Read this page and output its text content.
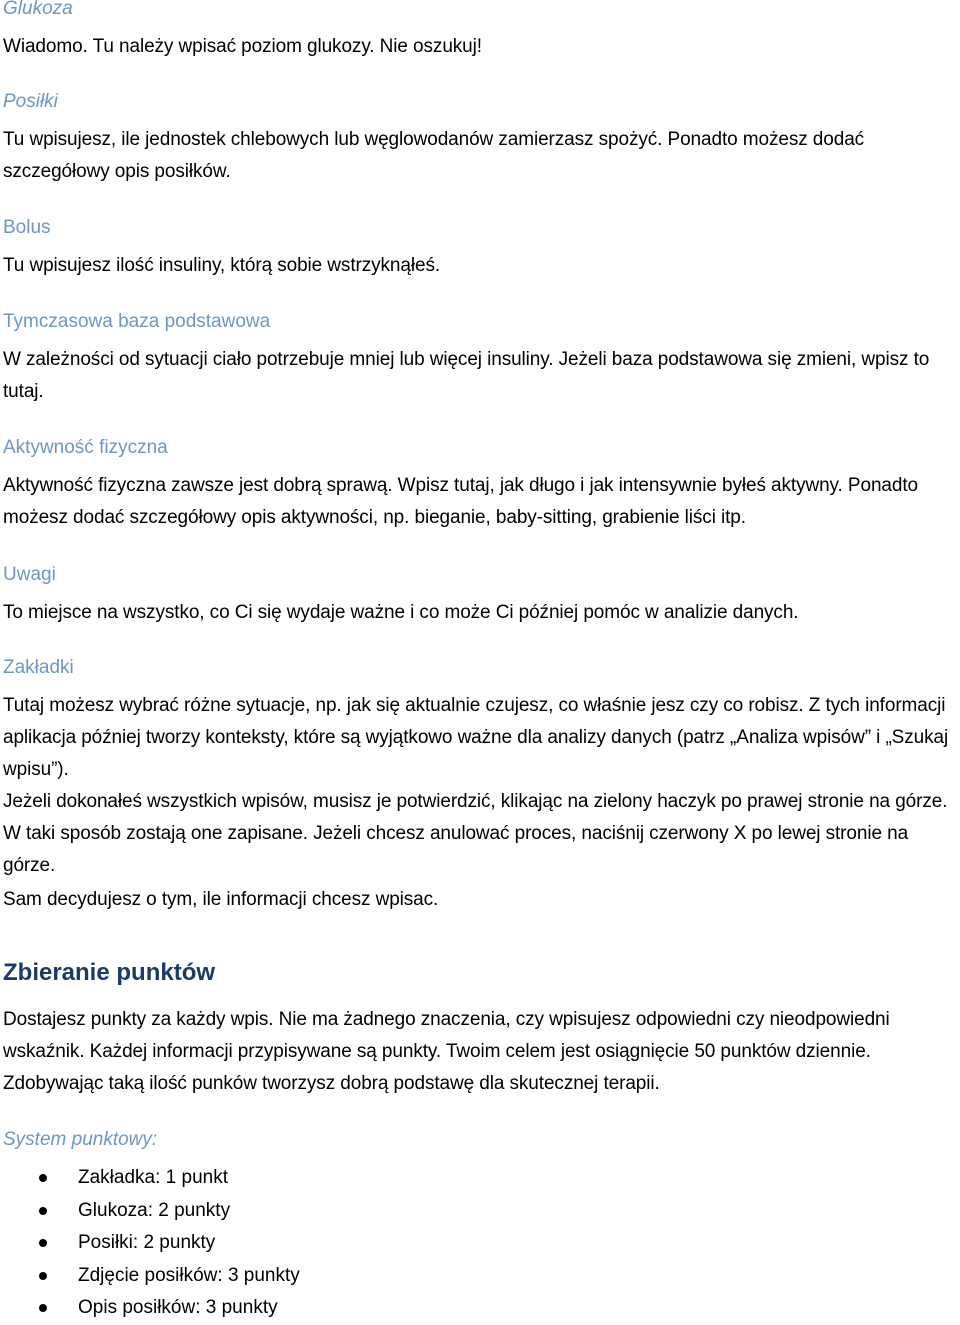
Glukoza

Wiadomo. Tu należy wpisać poziom glukozy. Nie oszukuj!

Posiłki

Tu wpisujesz, ile jednostek chlebowych lub węglowodanów zamierzasz spożyć. Ponadto możesz dodać szczegółowy opis posiłków.

Bolus

Tu wpisujesz ilość insuliny, którą sobie wstrzyknąłeś.

Tymczasowa baza podstawowa

W zależności od sytuacji ciało potrzebuje mniej lub więcej insuliny. Jeżeli baza podstawowa się zmieni, wpisz to tutaj.

Aktywność fizyczna

Aktywność fizyczna zawsze jest dobrą sprawą. Wpisz tutaj, jak długo i jak intensywnie byłeś aktywny. Ponadto możesz dodać szczegółowy opis aktywności, np. bieganie, baby-sitting, grabienie liści itp.

Uwagi

To miejsce na wszystko, co Ci się wydaje ważne i co może Ci później pomóc w analizie danych.

Zakładki

Tutaj możesz wybrać różne sytuacje, np. jak się aktualnie czujesz, co właśnie jesz czy co robisz. Z tych informacji aplikacja później tworzy konteksty, które są wyjątkowo ważne dla analizy danych (patrz „Analiza wpisów” i „Szukaj wpisu”).

Jeżeli dokonałeś wszystkich wpisów, musisz je potwierdzić, klikając na zielony haczyk po prawej stronie na górze. W taki sposób zostają one zapisane. Jeżeli chcesz anulować proces, naciśnij czerwony X po lewej stronie na górze.

Sam decydujesz o tym, ile informacji chcesz wpisac.

Zbieranie punktów

Dostajesz punkty za każdy wpis. Nie ma żadnego znaczenia, czy wpisujesz odpowiedni czy nieodpowiedni wskaźnik. Każdej informacji przypisywane są punkty. Twoim celem jest osiągnięcie 50 punktów dziennie. Zdobywając taką ilość punków tworzysz dobrą podstawę dla skutecznej terapii.

System punktowy:
Zakładka: 1 punkt
Glukoza: 2 punkty
Posiłki: 2 punkty
Zdjęcie posiłków: 3 punkty
Opis posiłków: 3 punkty
